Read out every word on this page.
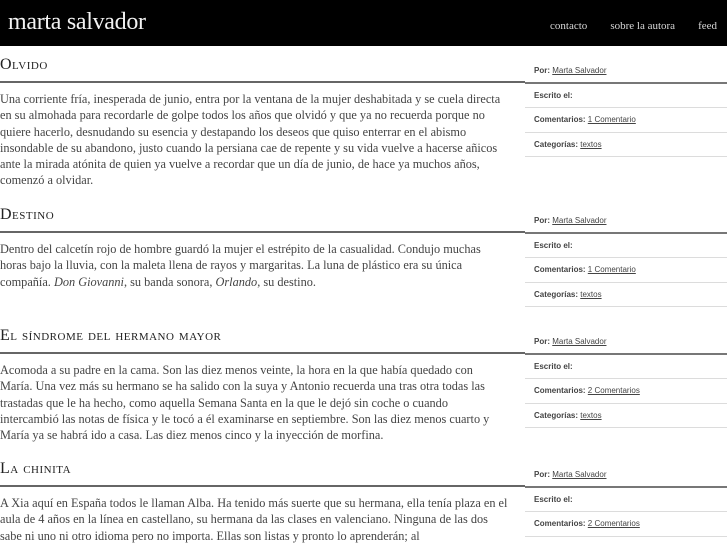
marta salvador	contacto sobre la autora feed
Olvido
Una corriente fría, inesperada de junio, entra por la ventana de la mujer deshabitada y se cuela directa en su almohada para recordarle de golpe todos los años que olvidó y que ya no recuerda porque no quiere hacerlo, desnudando su esencia y destapando los deseos que quiso enterrar en el abismo insondable de su abandono, justo cuando la persiana cae de repente y su vida vuelve a hacerse añicos ante la mirada atónita de quien ya vuelve a recordar que un día de junio, de hace ya muchos años, comenzó a olvidar.
Por: Marta Salvador
Escrito el:
Comentarios: 1 Comentario
Categorías: textos
Destino
Dentro del calcetín rojo de hombre guardó la mujer el estrépito de la casualidad. Condujo muchas horas bajo la lluvia, con la maleta llena de rayos y margaritas. La luna de plástico era su única compañía. Don Giovanni, su banda sonora, Orlando, su destino.
Por: Marta Salvador
Escrito el:
Comentarios: 1 Comentario
Categorías: textos
El síndrome del hermano mayor
Acomoda a su padre en la cama. Son las diez menos veinte, la hora en la que había quedado con María. Una vez más su hermano se ha salido con la suya y Antonio recuerda una tras otra todas las trastadas que le ha hecho, como aquella Semana Santa en la que le dejó sin coche o cuando intercambió las notas de física y le tocó a él examinarse en septiembre. Son las diez menos cuarto y María ya se habrá ido a casa. Las diez menos cinco y la inyección de morfina.
Por: Marta Salvador
Escrito el:
Comentarios: 2 Comentarios
Categorías: textos
La chinita
A Xia aquí en España todos le llaman Alba. Ha tenido más suerte que su hermana, ella tenía plaza en el aula de 4 años en la línea en castellano, su hermana da las clases en valenciano. Ninguna de las dos sabe ni uno ni otro idioma pero no importa. Ellas son listas y pronto lo aprenderán; al
Por: Marta Salvador
Escrito el:
Comentarios: 2 Comentarios
